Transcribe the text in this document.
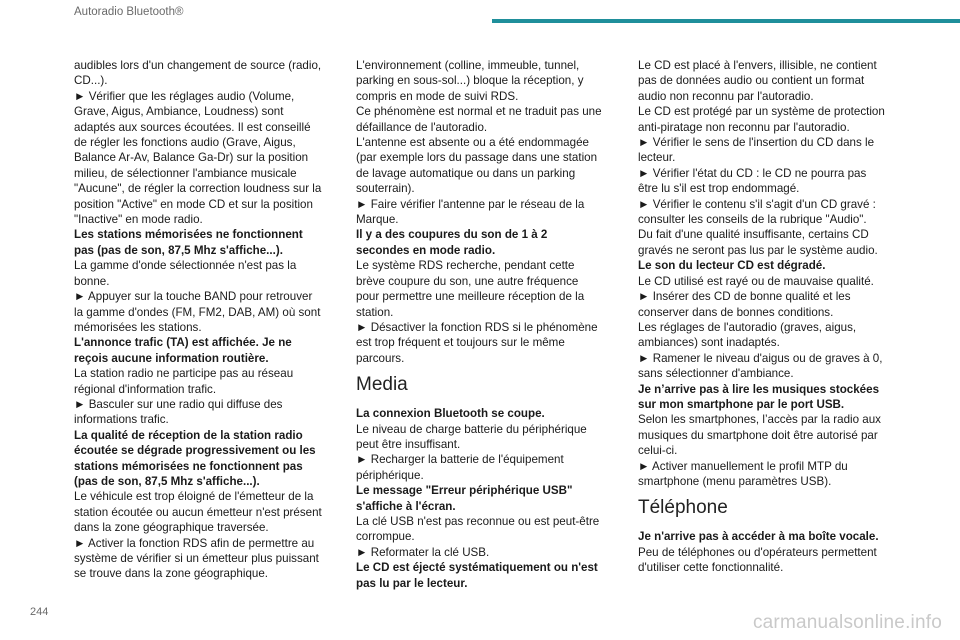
Autoradio Bluetooth®

audibles lors d'un changement de source (radio, CD...).

► Vérifier que les réglages audio (Volume, Grave, Aigus, Ambiance, Loudness) sont adaptés aux sources écoutées. Il est conseillé de régler les fonctions audio (Grave, Aigus, Balance Ar-Av, Balance Ga-Dr) sur la position milieu, de sélectionner l'ambiance musicale "Aucune", de régler la correction loudness sur la position "Active" en mode CD et sur la position "Inactive" en mode radio.

Les stations mémorisées ne fonctionnent pas (pas de son, 87,5 Mhz s'affiche...).

La gamme d'onde sélectionnée n'est pas la bonne.

► Appuyer sur la touche BAND pour retrouver la gamme d'ondes (FM, FM2, DAB, AM) où sont mémorisées les stations.

L'annonce trafic (TA) est affichée. Je ne reçois aucune information routière.

La station radio ne participe pas au réseau régional d'information trafic.

► Basculer sur une radio qui diffuse des informations trafic.

La qualité de réception de la station radio écoutée se dégrade progressivement ou les stations mémorisées ne fonctionnent pas (pas de son, 87,5 Mhz s'affiche...).

Le véhicule est trop éloigné de l'émetteur de la station écoutée ou aucun émetteur n'est présent dans la zone géographique traversée.

► Activer la fonction RDS afin de permettre au système de vérifier si un émetteur plus puissant se trouve dans la zone géographique.

L'environnement (colline, immeuble, tunnel, parking en sous-sol...) bloque la réception, y compris en mode de suivi RDS.

Ce phénomène est normal et ne traduit pas une défaillance de l'autoradio.

L'antenne est absente ou a été endommagée (par exemple lors du passage dans une station de lavage automatique ou dans un parking souterrain).

► Faire vérifier l'antenne par le réseau de la Marque.

Il y a des coupures du son de 1 à 2 secondes en mode radio.

Le système RDS recherche, pendant cette brève coupure du son, une autre fréquence pour permettre une meilleure réception de la station.

► Désactiver la fonction RDS si le phénomène est trop fréquent et toujours sur le même parcours.

Media

La connexion Bluetooth se coupe.

Le niveau de charge batterie du périphérique peut être insuffisant.

► Recharger la batterie de l'équipement périphérique.

Le message "Erreur périphérique USB" s'affiche à l'écran.

La clé USB n'est pas reconnue ou est peut-être corrompue.

► Reformater la clé USB.

Le CD est éjecté systématiquement ou n'est pas lu par le lecteur.

Le CD est placé à l'envers, illisible, ne contient pas de données audio ou contient un format audio non reconnu par l'autoradio.

Le CD est protégé par un système de protection anti-piratage non reconnu par l'autoradio.

► Vérifier le sens de l'insertion du CD dans le lecteur.

► Vérifier l'état du CD : le CD ne pourra pas être lu s'il est trop endommagé.

► Vérifier le contenu s'il s'agit d'un CD gravé : consulter les conseils de la rubrique "Audio".

Du fait d'une qualité insuffisante, certains CD gravés ne seront pas lus par le système audio.

Le son du lecteur CD est dégradé.

Le CD utilisé est rayé ou de mauvaise qualité.

► Insérer des CD de bonne qualité et les conserver dans de bonnes conditions.

Les réglages de l'autoradio (graves, aigus, ambiances) sont inadaptés.

► Ramener le niveau d'aigus ou de graves à 0, sans sélectionner d'ambiance.

Je n’arrive pas à lire les musiques stockées sur mon smartphone par le port USB.

Selon les smartphones, l’accès par la radio aux musiques du smartphone doit être autorisé par celui-ci.

► Activer manuellement le profil MTP du smartphone (menu paramètres USB).

Téléphone

Je n'arrive pas à accéder à ma boîte vocale.

Peu de téléphones ou d'opérateurs permettent d'utiliser cette fonctionnalité.

244	carmanualsonline.info
